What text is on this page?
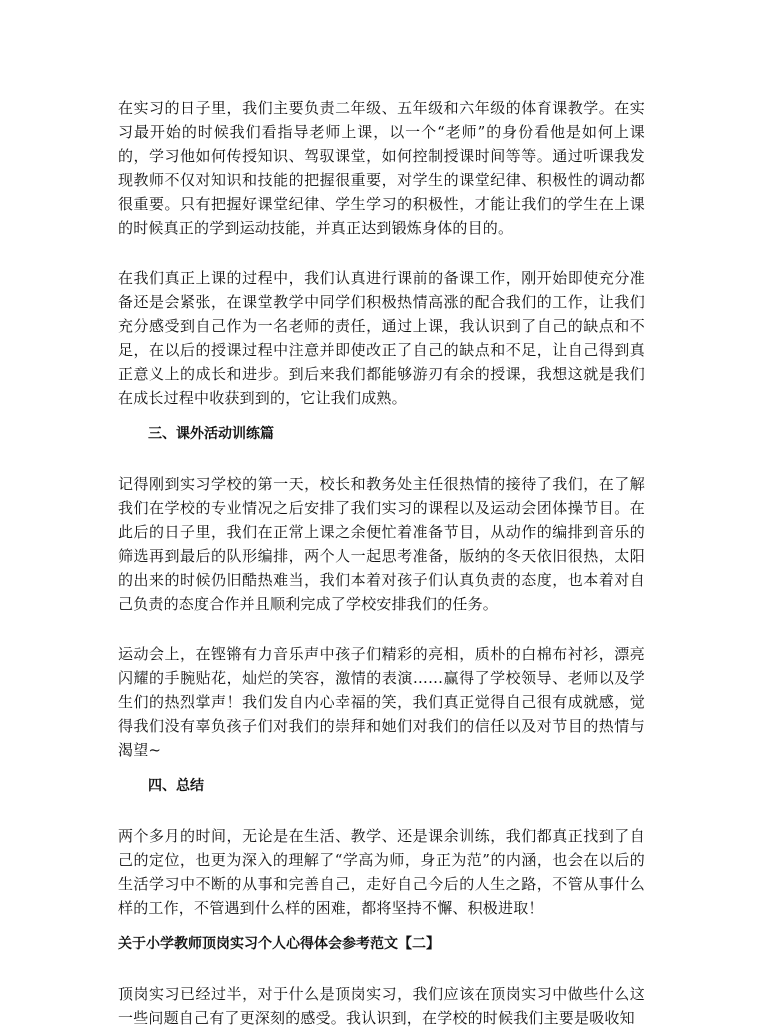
在实习的日子里，我们主要负责二年级、五年级和六年级的体育课教学。在实习最开始的时候我们看指导老师上课，以一个“老师”的身份看他是如何上课的，学习他如何传授知识、驾驭课堂，如何控制授课时间等等。通过听课我发现教师不仅对知识和技能的把握很重要，对学生的课堂纪律、积极性的调动都很重要。只有把握好课堂纪律、学生学习的积极性，才能让我们的学生在上课的时候真正的学到运动技能，并真正达到锻炼身体的目的。

在我们真正上课的过程中，我们认真进行课前的备课工作，刚开始即使充分准备还是会紧张，在课堂教学中同学们积极热情高涨的配合我们的工作，让我们充分感受到自己作为一名老师的责任，通过上课，我认识到了自己的缺点和不足，在以后的授课过程中注意并即使改正了自己的缺点和不足，让自己得到真正意义上的成长和进步。到后来我们都能够游刃有余的授课，我想这就是我们在成长过程中收获到到的，它让我们成熟。

三、课外活动训练篇

记得刚到实习学校的第一天，校长和教务处主任很热情的接待了我们，在了解我们在学校的专业情况之后安排了我们实习的课程以及运动会团体操节目。在此后的日子里，我们在正常上课之余便忙着准备节目，从动作的编排到音乐的筛选再到最后的队形编排，两个人一起思考准备，版纳的冬天依旧很热，太阳的出来的时候仍旧酷热难当，我们本着对孩子们认真负责的态度，也本着对自己负责的态度合作并且顺利完成了学校安排我们的任务。

运动会上，在铿锵有力音乐声中孩子们精彩的亮相，质朴的白棉布衬衫，漂亮闪耀的手腕贴花，灿烂的笑容，激情的表演……赢得了学校领导、老师以及学生们的热烈掌声！我们发自内心幸福的笑，我们真正觉得自己很有成就感，觉得我们没有辜负孩子们对我们的崇拜和她们对我们的信任以及对节目的热情与渴望~

四、总结

两个多月的时间，无论是在生活、教学、还是课余训练，我们都真正找到了自己的定位，也更为深入的理解了“学高为师，身正为范”的内涵，也会在以后的生活学习中不断的从事和完善自己，走好自己今后的人生之路，不管从事什么样的工作，不管遇到什么样的困难，都将坚持不懈、积极进取！

关于小学教师顶岗实习个人心得体会参考范文【二】

顶岗实习已经过半，对于什么是顶岗实习，我们应该在顶岗实习中做些什么这一些问题自己有了更深刻的感受。我认识到，在学校的时候我们主要是吸收知
